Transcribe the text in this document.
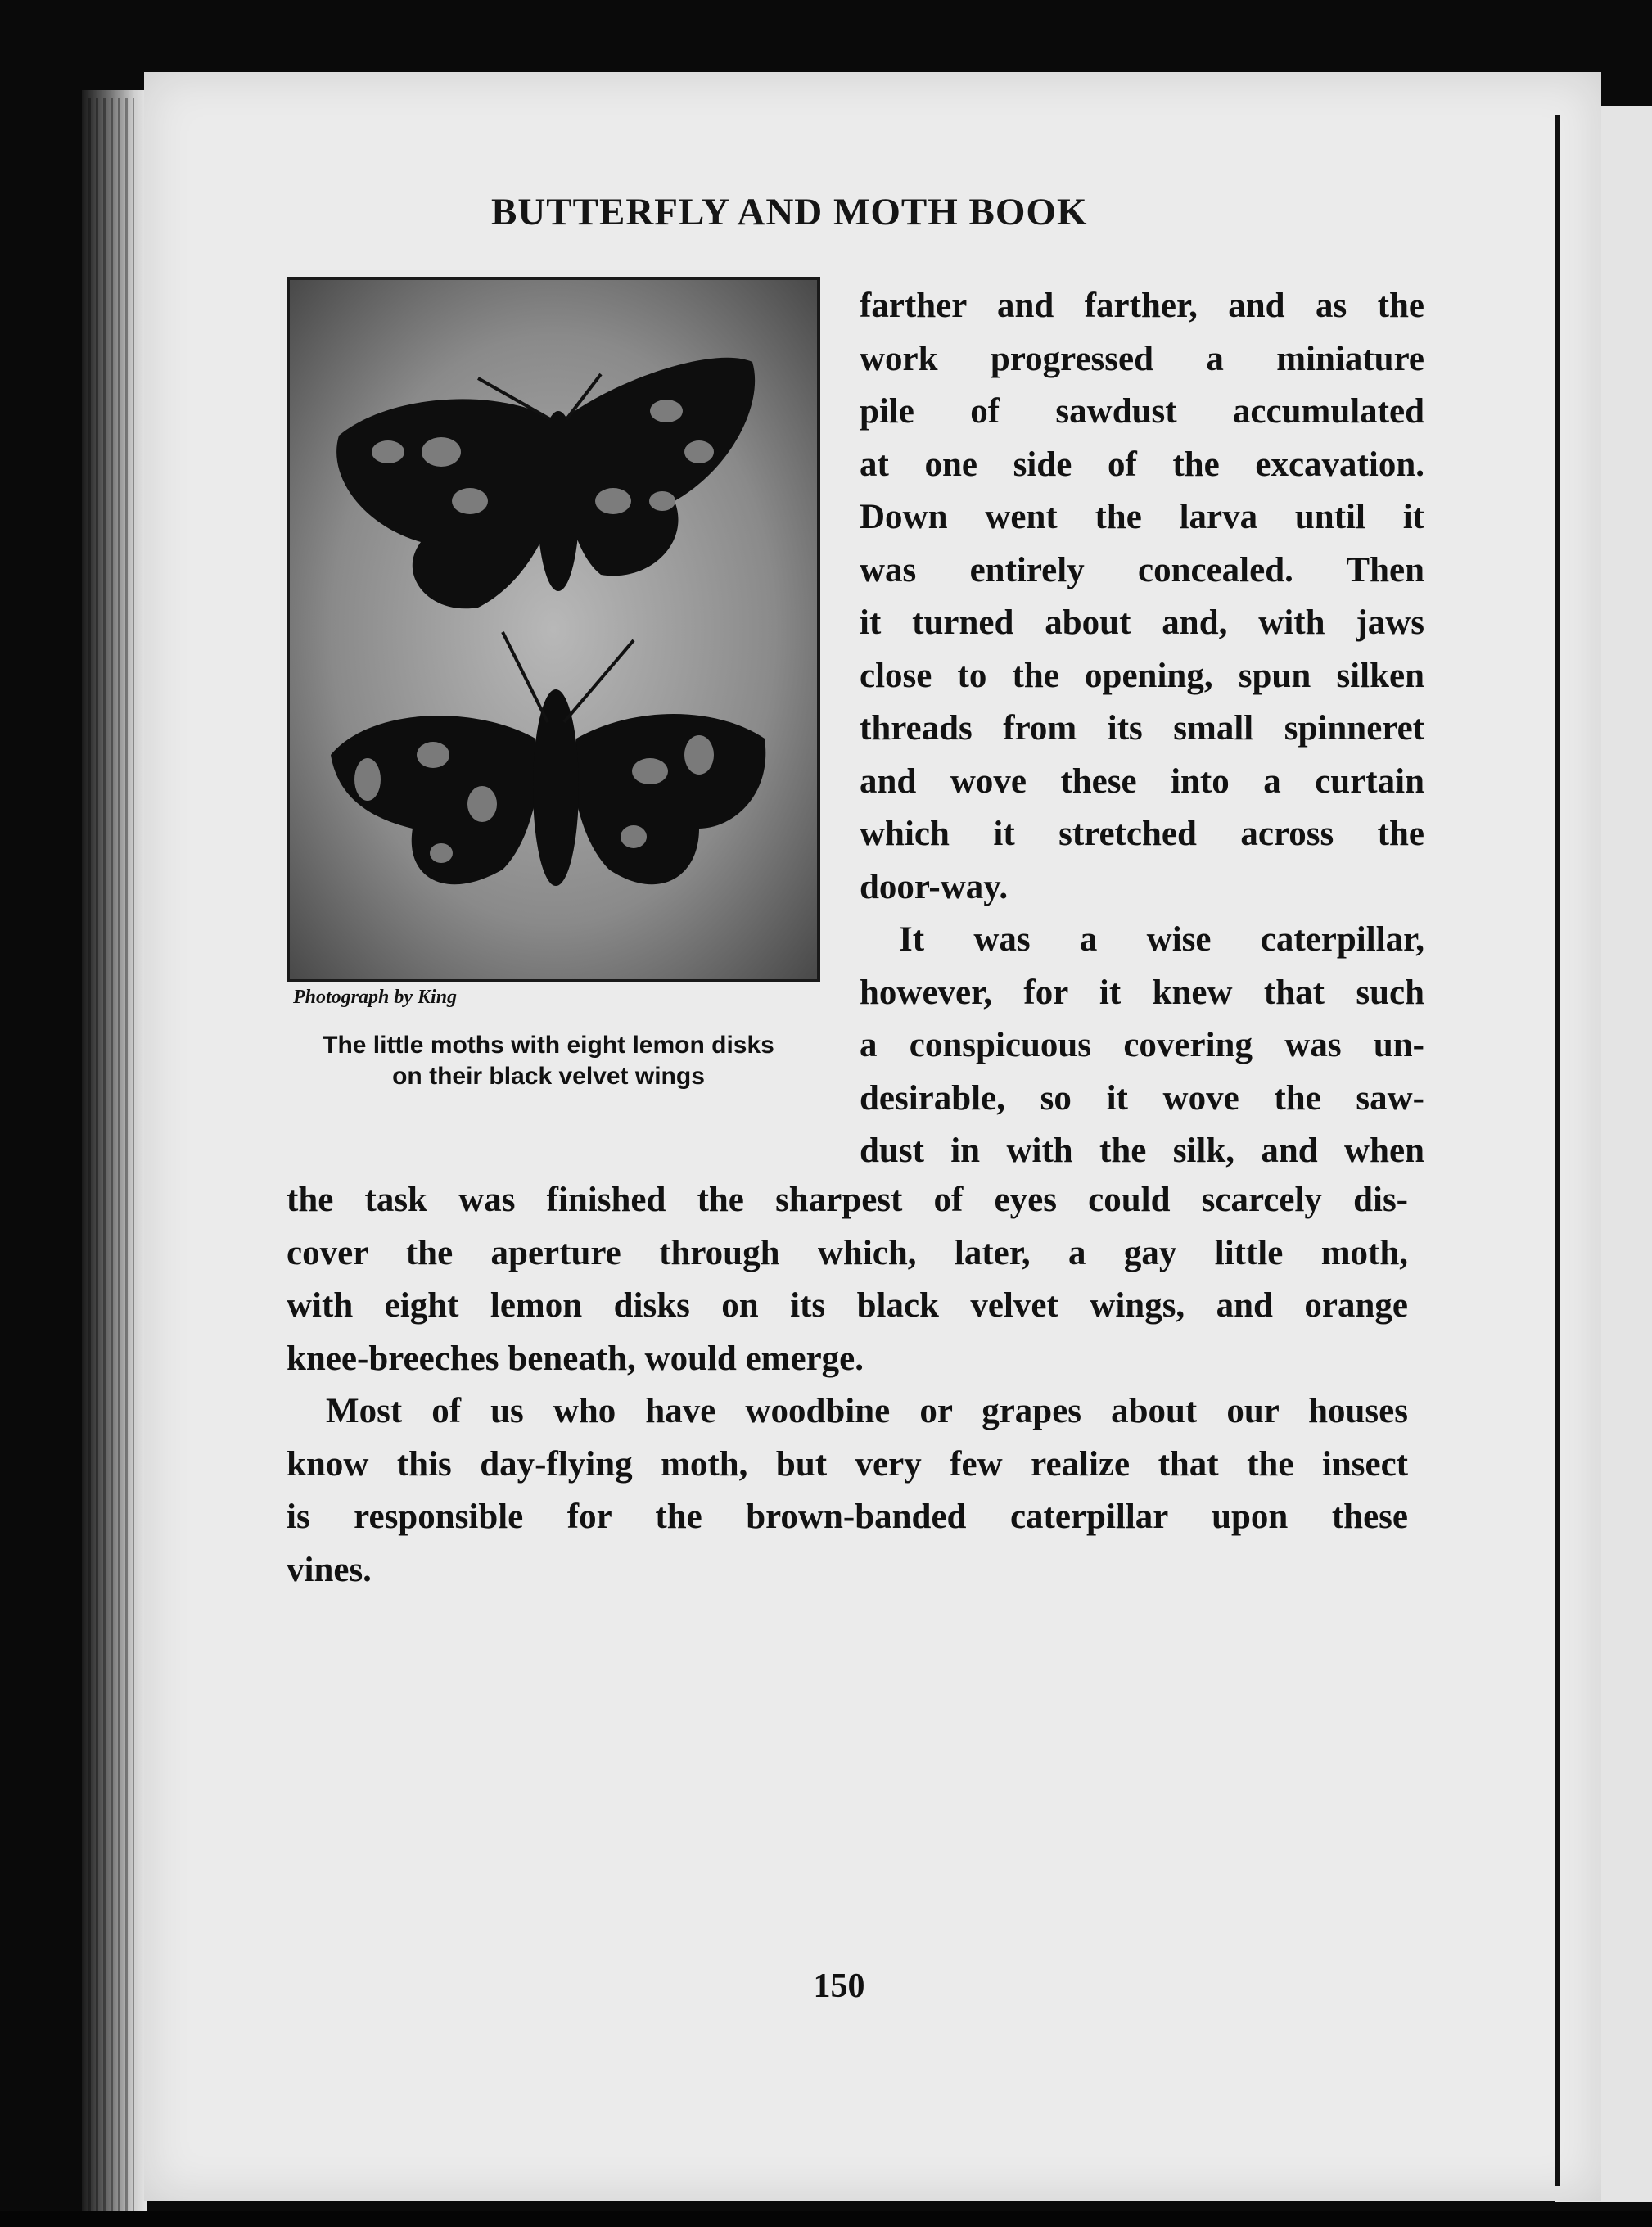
BUTTERFLY AND MOTH BOOK
Photograph by King
The little moths with eight lemon disks
on their black velvet wings
farther and farther, and as the
work progressed a miniature
pile of sawdust accumulated
at one side of the excavation.
Down went the larva until it
was entirely concealed. Then
it turned about and, with jaws
close to the opening, spun silken
threads from its small spinneret
and wove these into a curtain
which it stretched across the
door-way.
It was a wise caterpillar,
however, for it knew that such
a conspicuous covering was un-
desirable, so it wove the saw-
dust in with the silk, and when
the task was finished the sharpest of eyes could scarcely dis-
cover the aperture through which, later, a gay little moth,
with eight lemon disks on its black velvet wings, and orange
knee-breeches beneath, would emerge.
Most of us who have woodbine or grapes about our houses
know this day-flying moth, but very few realize that the insect
is responsible for the brown-banded caterpillar upon these
vines.
150
